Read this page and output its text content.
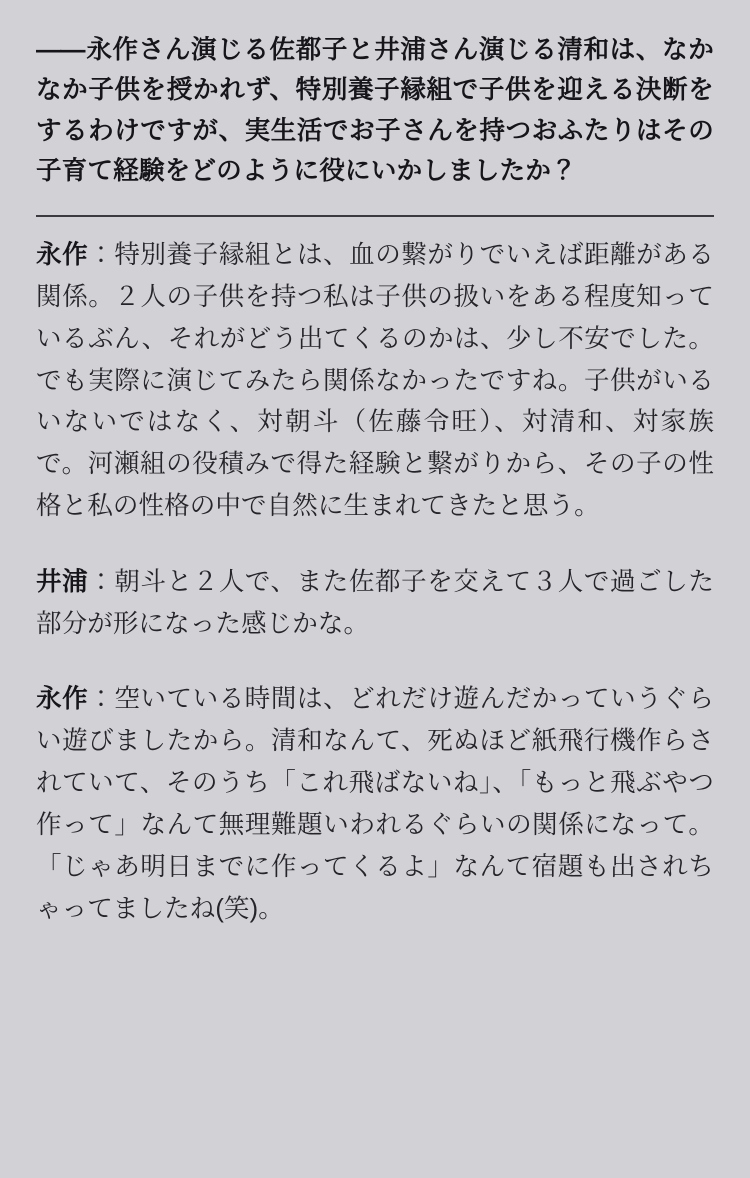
——永作さん演じる佐都子と井浦さん演じる清和は、なかなか子供を授かれず、特別養子縁組で子供を迎える決断をするわけですが、実生活でお子さんを持つおふたりはその子育て経験をどのように役にいかしましたか？

永作：特別養子縁組とは、血の繋がりでいえば距離がある関係。２人の子供を持つ私は子供の扱いをある程度知っているぶん、それがどう出てくるのかは、少し不安でした。でも実際に演じてみたら関係なかったですね。子供がいるいないではなく、対朝斗（佐藤令旺）、対清和、対家族で。河瀬組の役積みで得た経験と繋がりから、その子の性格と私の性格の中で自然に生まれてきたと思う。

井浦：朝斗と２人で、また佐都子を交えて３人で過ごした部分が形になった感じかな。

永作：空いている時間は、どれだけ遊んだかっていうぐらい遊びましたから。清和なんて、死ぬほど紙飛行機作らされていて、そのうち「これ飛ばないね」、「もっと飛ぶやつ作って」なんて無理難題いわれるぐらいの関係になって。「じゃあ明日までに作ってくるよ」なんて宿題も出されちゃってましたね(笑)。
